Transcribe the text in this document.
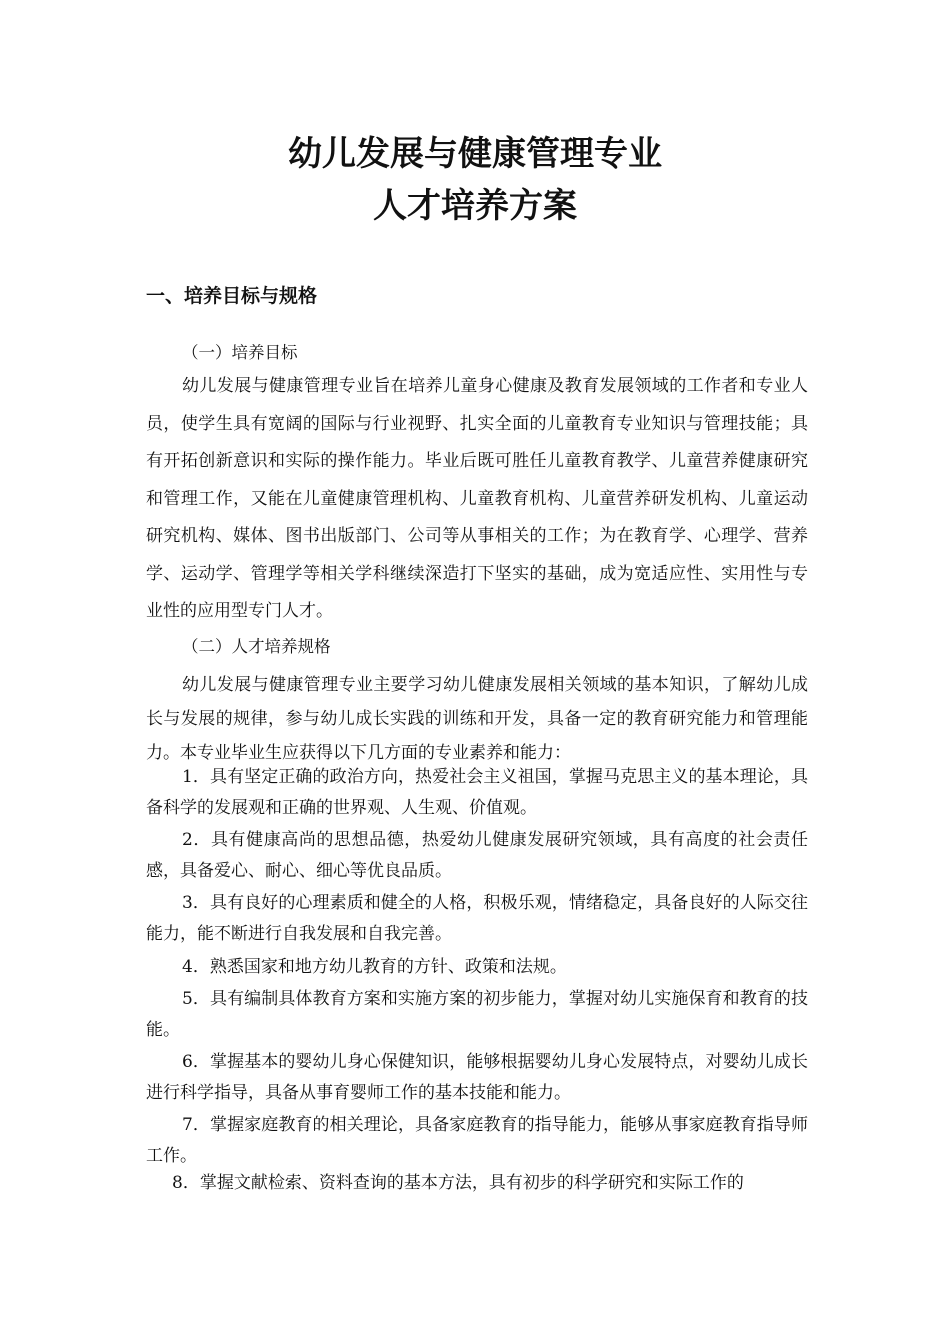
幼儿发展与健康管理专业
人才培养方案
一、培养目标与规格
（一）培养目标

幼儿发展与健康管理专业旨在培养儿童身心健康及教育发展领域的工作者和专业人员，使学生具有宽阔的国际与行业视野、扎实全面的儿童教育专业知识与管理技能；具有开拓创新意识和实际的操作能力。毕业后既可胜任儿童教育教学、儿童营养健康研究和管理工作，又能在儿童健康管理机构、儿童教育机构、儿童营养研发机构、儿童运动研究机构、媒体、图书出版部门、公司等从事相关的工作；为在教育学、心理学、营养学、运动学、管理学等相关学科继续深造打下坚实的基础，成为宽适应性、实用性与专业性的应用型专门人才。

（二）人才培养规格

幼儿发展与健康管理专业主要学习幼儿健康发展相关领域的基本知识，了解幼儿成长与发展的规律，参与幼儿成长实践的训练和开发，具备一定的教育研究能力和管理能力。本专业毕业生应获得以下几方面的专业素养和能力：

1．具有坚定正确的政治方向，热爱社会主义祖国，掌握马克思主义的基本理论，具备科学的发展观和正确的世界观、人生观、价值观。

2．具有健康高尚的思想品德，热爱幼儿健康发展研究领域，具有高度的社会责任感，具备爱心、耐心、细心等优良品质。

3．具有良好的心理素质和健全的人格，积极乐观，情绪稳定，具备良好的人际交往能力，能不断进行自我发展和自我完善。

4．熟悉国家和地方幼儿教育的方针、政策和法规。

5．具有编制具体教育方案和实施方案的初步能力，掌握对幼儿实施保育和教育的技能。

6．掌握基本的婴幼儿身心保健知识，能够根据婴幼儿身心发展特点，对婴幼儿成长进行科学指导，具备从事育婴师工作的基本技能和能力。

7．掌握家庭教育的相关理论，具备家庭教育的指导能力，能够从事家庭教育指导师工作。

8．掌握文献检索、资料查询的基本方法，具有初步的科学研究和实际工作的
